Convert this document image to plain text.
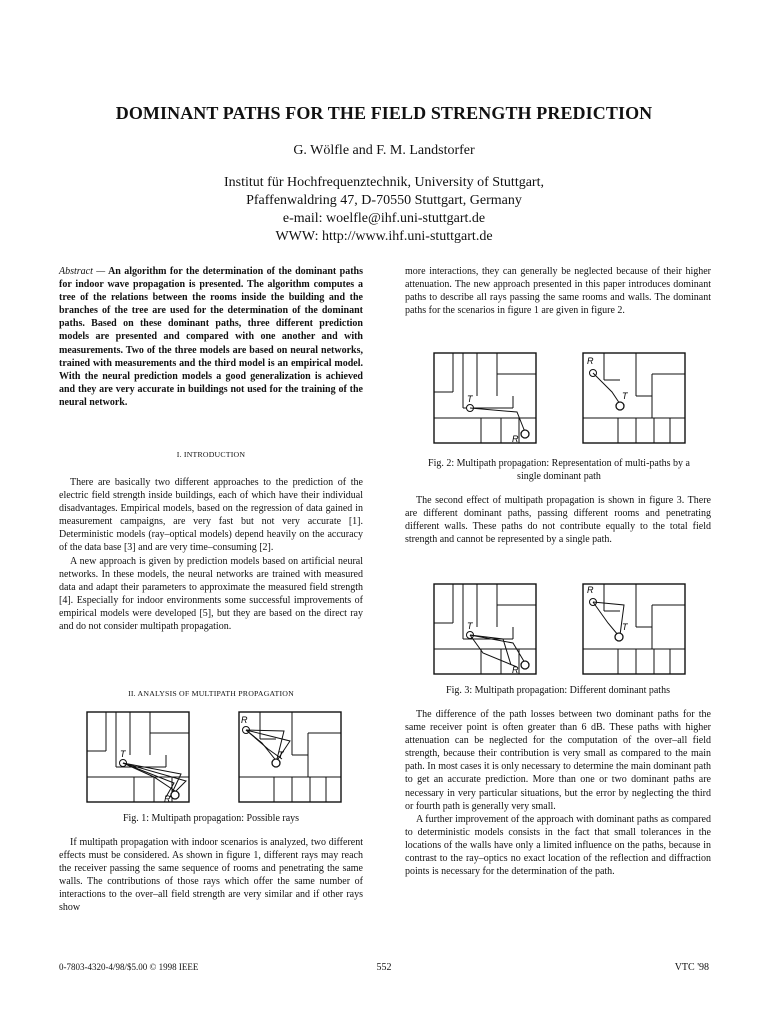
DOMINANT PATHS FOR THE FIELD STRENGTH PREDICTION
G. Wölfle and F. M. Landstorfer
Institut für Hochfrequenztechnik, University of Stuttgart,
Pfaffenwaldring 47, D-70550 Stuttgart, Germany
e-mail: woelfle@ihf.uni-stuttgart.de
WWW: http://www.ihf.uni-stuttgart.de

Abstract — An algorithm for the determination of the dominant paths for indoor wave propagation is presented. The algorithm computes a tree of the relations between the rooms inside the building and the branches of the tree are used for the determination of the dominant paths. Based on these dominant paths, three different prediction models are presented and compared with one another and with measurements. Two of the three models are based on neural networks, trained with measurements and the third model is an empirical model. With the neural prediction models a good generalization is achieved and they are very accurate in buildings not used for the training of the neural network.

I. INTRODUCTION

There are basically two different approaches to the prediction of the electric field strength inside buildings, each of which have their individual disadvantages. Empirical models, based on the regression of data gained in measurement campaigns, are very fast but not very accurate [1]. Deterministic models (ray–optical models) depend heavily on the accuracy of the data base [3] and are very time–consuming [2].

A new approach is given by prediction models based on artificial neural networks. In these models, the neural networks are trained with measured data and adapt their parameters to approximate the measured field strength [4]. Especially for indoor environments some successful improvements of empirical models were developed [5], but they are based on the direct ray and do not consider multipath propagation.

II. ANALYSIS OF MULTIPATH PROPAGATION
T
R
R
T
Fig. 1: Multipath propagation: Possible rays

If multipath propagation with indoor scenarios is analyzed, two different effects must be considered. As shown in figure 1, different rays may reach the receiver passing the same sequence of rooms and penetrating the same walls. The contributions of those rays which offer the same number of interactions to the over–all field strength are very similar and if other rays show

more interactions, they can generally be neglected because of their higher attenuation. The new approach presented in this paper introduces dominant paths to describe all rays passing the same rooms and walls. The dominant paths for the scenarios in figure 1 are given in figure 2.

T
R
R
T
Fig. 2: Multipath propagation: Representation of multi-paths by a single dominant path

The second effect of multipath propagation is shown in figure 3. There are different dominant paths, passing different rooms and penetrating different walls. These paths do not contribute equally to the total field strength and cannot be represented by a single path.

T
R
R
T
Fig. 3: Multipath propagation: Different dominant paths

The difference of the path losses between two dominant paths for the same receiver point is often greater than 6 dB. These paths with higher attenuation can be neglected for the computation of the over–all field strength, because their contribution is very small as compared to the main path. In most cases it is only necessary to determine the main dominant path to get an accurate prediction. More than one or two dominant paths are necessary in very particular situations, but the error by neglecting the third or fourth path is generally very small.

A further improvement of the approach with dominant paths as compared to deterministic models consists in the fact that small tolerances in the locations of the walls have only a limited influence on the paths, because in contrast to the ray–optics no exact location of the reflection and diffraction points is necessary for the determination of the path.

0-7803-4320-4/98/$5.00 © 1998 IEEE	552	VTC '98
